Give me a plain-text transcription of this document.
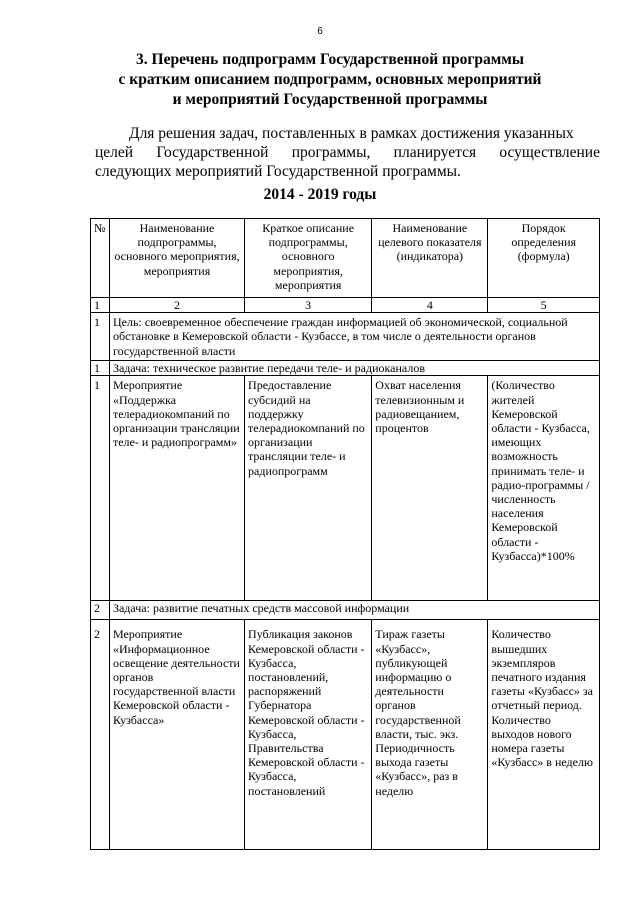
6
3. Перечень подпрограмм Государственной программы
с кратким описанием подпрограмм, основных мероприятий
и мероприятий Государственной программы
Для решения задач, поставленных в рамках достижения указанных
целей Государственной программы, планируется осуществление следующих мероприятий Государственной программы.
2014 - 2019 годы
№	Наименование подпрограммы, основного мероприятия, мероприятия	Краткое описание подпрограммы, основного мероприятия, мероприятия	Наименование целевого показателя (индикатора)	Порядок определения (формула)
1	2	3	4	5
1	Цель: своевременное обеспечение граждан информацией об экономической, социальной обстановке в Кемеровской области - Кузбассе, в том числе о деятельности органов государственной власти			
1	Задача: техническое развитие передачи теле- и радиоканалов			
1	Мероприятие «Поддержка телерадиокомпаний по организации трансляции теле- и радиопрограмм»	Предоставление субсидий на поддержку телерадиокомпаний по организации трансляции теле- и радиопрограмм	Охват населения телевизионным и радиовещанием, процентов	(Количество жителей Кемеровской области - Кузбасса, имеющих возможность принимать теле- и радио-программы / численность населения Кемеровской области - Кузбасса)*100%
2	Задача: развитие печатных средств массовой информации			
2	Мероприятие «Информационное освещение деятельности органов государственной власти Кемеровской области - Кузбасса»	Публикация законов Кемеровской области - Кузбасса, постановлений, распоряжений Губернатора Кемеровской области - Кузбасса, Правительства Кемеровской области - Кузбасса, постановлений	Тираж газеты «Кузбасс», публикующей информацию о деятельности органов государственной власти, тыс. экз. Периодичность выхода газеты «Кузбасс», раз в неделю	Количество вышедших экземпляров печатного издания газеты «Кузбасс» за отчетный период. Количество выходов нового номера газеты «Кузбасс» в неделю
